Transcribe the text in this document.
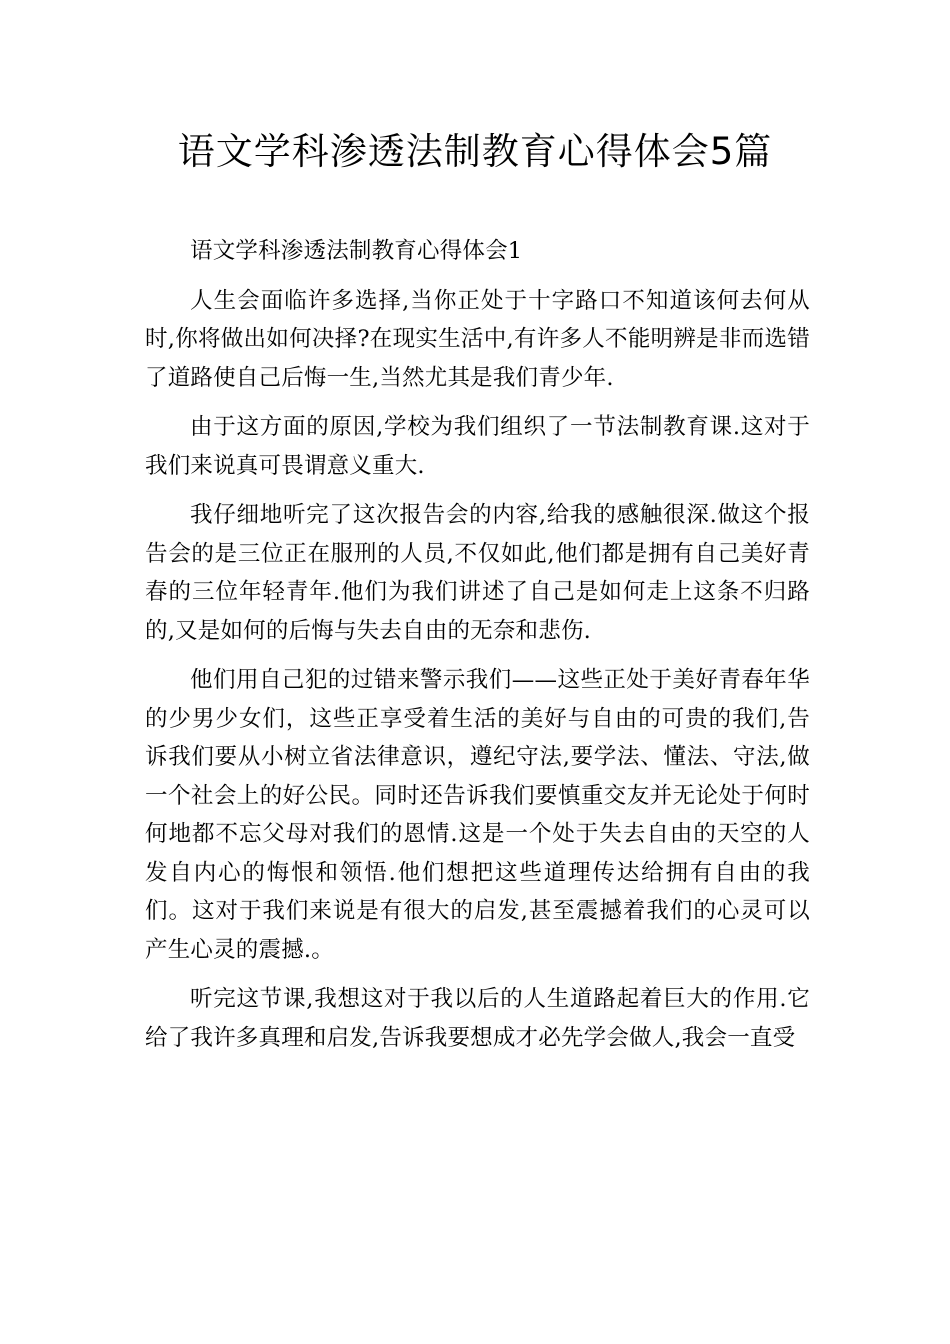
语文学科渗透法制教育心得体会5篇

语文学科渗透法制教育心得体会1

人生会面临许多选择,当你正处于十字路口不知道该何去何从时,你将做出如何决择?在现实生活中,有许多人不能明辨是非而选错了道路使自己后悔一生,当然尤其是我们青少年.

由于这方面的原因,学校为我们组织了一节法制教育课.这对于我们来说真可畏谓意义重大.

我仔细地听完了这次报告会的内容,给我的感触很深.做这个报告会的是三位正在服刑的人员,不仅如此,他们都是拥有自己美好青春的三位年轻青年.他们为我们讲述了自己是如何走上这条不归路的,又是如何的后悔与失去自由的无奈和悲伤.

他们用自己犯的过错来警示我们——这些正处于美好青春年华的少男少女们，这些正享受着生活的美好与自由的可贵的我们,告诉我们要从小树立省法律意识，遵纪守法,要学法、懂法、守法,做一个社会上的好公民。同时还告诉我们要慎重交友并无论处于何时何地都不忘父母对我们的恩情.这是一个处于失去自由的天空的人发自内心的悔恨和领悟.他们想把这些道理传达给拥有自由的我们。这对于我们来说是有很大的启发,甚至震撼着我们的心灵可以产生心灵的震撼.。

听完这节课,我想这对于我以后的人生道路起着巨大的作用.它给了我许多真理和启发,告诉我要想成才必先学会做人,我会一直受
